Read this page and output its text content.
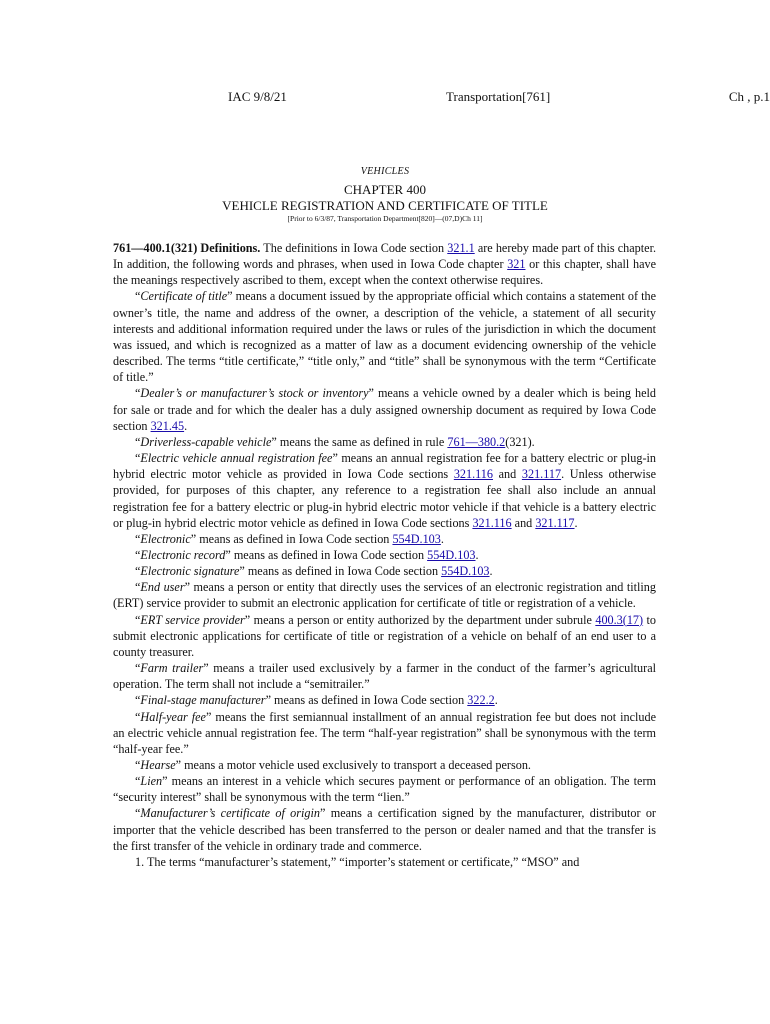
IAC 9/8/21	Transportation[761]	Ch , p.1
VEHICLES
CHAPTER 400
VEHICLE REGISTRATION AND CERTIFICATE OF TITLE
[Prior to 6/3/87, Transportation Department[820]—(07,D)Ch 11]

761—400.1(321) Definitions. The definitions in Iowa Code section 321.1 are hereby made part of this chapter. In addition, the following words and phrases, when used in Iowa Code chapter 321 or this chapter, shall have the meanings respectively ascribed to them, except when the context otherwise requires.

“Certificate of title” means a document issued by the appropriate official which contains a statement of the owner’s title, the name and address of the owner, a description of the vehicle, a statement of all security interests and additional information required under the laws or rules of the jurisdiction in which the document was issued, and which is recognized as a matter of law as a document evidencing ownership of the vehicle described. The terms “title certificate,” “title only,” and “title” shall be synonymous with the term “Certificate of title.”

“Dealer’s or manufacturer’s stock or inventory” means a vehicle owned by a dealer which is being held for sale or trade and for which the dealer has a duly assigned ownership document as required by Iowa Code section 321.45.

“Driverless-capable vehicle” means the same as defined in rule 761—380.2(321).

“Electric vehicle annual registration fee” means an annual registration fee for a battery electric or plug-in hybrid electric motor vehicle as provided in Iowa Code sections 321.116 and 321.117. Unless otherwise provided, for purposes of this chapter, any reference to a registration fee shall also include an annual registration fee for a battery electric or plug-in hybrid electric motor vehicle if that vehicle is a battery electric or plug-in hybrid electric motor vehicle as defined in Iowa Code sections 321.116 and 321.117.

“Electronic” means as defined in Iowa Code section 554D.103.

“Electronic record” means as defined in Iowa Code section 554D.103.

“Electronic signature” means as defined in Iowa Code section 554D.103.

“End user” means a person or entity that directly uses the services of an electronic registration and titling (ERT) service provider to submit an electronic application for certificate of title or registration of a vehicle.

“ERT service provider” means a person or entity authorized by the department under subrule 400.3(17) to submit electronic applications for certificate of title or registration of a vehicle on behalf of an end user to a county treasurer.

“Farm trailer” means a trailer used exclusively by a farmer in the conduct of the farmer’s agricultural operation. The term shall not include a “semitrailer.”

“Final-stage manufacturer” means as defined in Iowa Code section 322.2.

“Half-year fee” means the first semiannual installment of an annual registration fee but does not include an electric vehicle annual registration fee. The term “half-year registration” shall be synonymous with the term “half-year fee.”

“Hearse” means a motor vehicle used exclusively to transport a deceased person.

“Lien” means an interest in a vehicle which secures payment or performance of an obligation. The term “security interest” shall be synonymous with the term “lien.”

“Manufacturer’s certificate of origin” means a certification signed by the manufacturer, distributor or importer that the vehicle described has been transferred to the person or dealer named and that the transfer is the first transfer of the vehicle in ordinary trade and commerce.

1. The terms “manufacturer’s statement,” “importer’s statement or certificate,” “MSO” and
